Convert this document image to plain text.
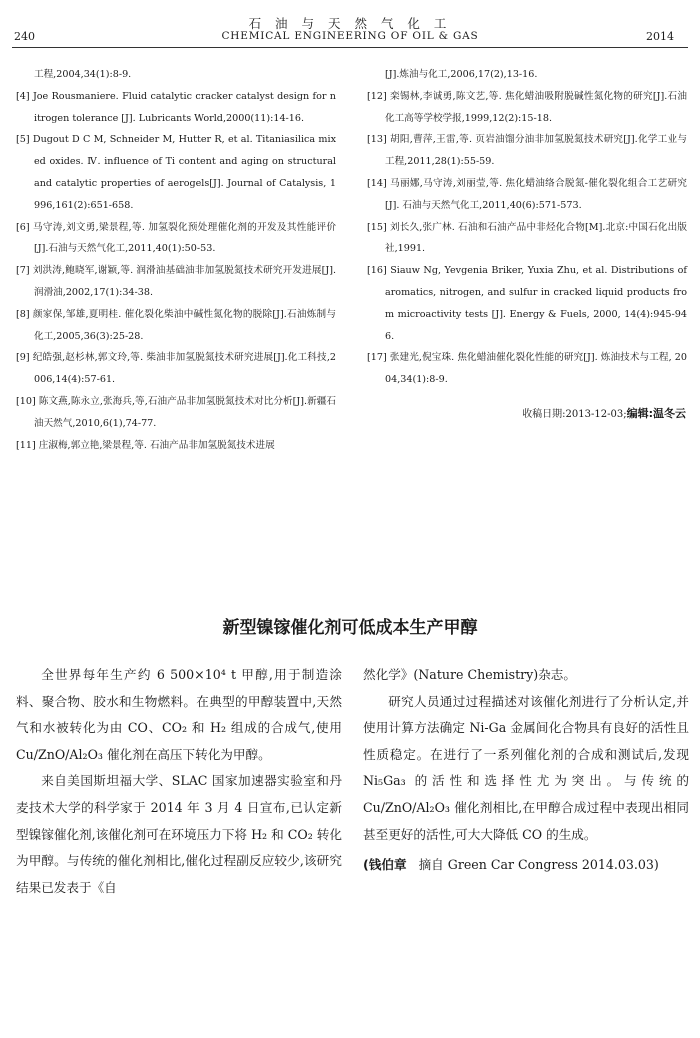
石 油 与 天 然 气 化 工
240	CHEMICAL ENGINEERING OF OIL & GAS	2014
工程,2004,34(1):8-9.
[4] Joe Rousmaniere. Fluid catalytic cracker catalyst design for nitrogen tolerance [J]. Lubricants World,2000(11):14-16.
[5] Dugout D C M, Schneider M, Hutter R, et al. Titaniasilica mixed oxides. Ⅳ. influence of Ti content and aging on structural and catalytic properties of aerogels[J]. Journal of Catalysis, 1996,161(2):651-658.
[6] 马守涛,刘文勇,梁景程,等. 加氢裂化预处理催化剂的开发及其性能评价[J].石油与天然气化工,2011,40(1):50-53.
[7] 刘洪涛,鲍晓军,谢颖,等. 润滑油基础油非加氢脱氮技术研究开发进展[J].润滑油,2002,17(1):34-38.
[8] 颜家保,邹雄,夏明桂. 催化裂化柴油中碱性氮化物的脱除[J].石油炼制与化工,2005,36(3):25-28.
[9] 纪皓强,赵杉林,郭文玲,等. 柴油非加氢脱氮技术研究进展[J].化工科技,2006,14(4):57-61.
[10] 陈文燕,陈永立,张海兵,等,石油产品非加氢脱氮技术对比分析[J].新疆石油天然气,2010,6(1),74-77.
[11] 庄淑梅,郭立艳,梁景程,等. 石油产品非加氢脱氮技术进展
[J].炼油与化工,2006,17(2),13-16.
[12] 栾锡林,李诚勇,陈文艺,等. 焦化蜡油吸附脱碱性氮化物的研究[J].石油化工高等学校学报,1999,12(2):15-18.
[13] 胡阳,曹萍,王雷,等. 页岩油馏分油非加氢脱氮技术研究[J].化学工业与工程,2011,28(1):55-59.
[14] 马丽娜,马守涛,刘丽莹,等. 焦化蜡油络合脱氮-催化裂化组合工艺研究[J]. 石油与天然气化工,2011,40(6):571-573.
[15] 刘长久,张广林. 石油和石油产品中非烃化合物[M].北京:中国石化出版社,1991.
[16] Siauw Ng, Yevgenia Briker, Yuxia Zhu, et al. Distributions of aromatics, nitrogen, and sulfur in cracked liquid products from microactivity tests [J]. Energy & Fuels, 2000, 14(4):945-946.
[17] 张建光,倪宝珠. 焦化蜡油催化裂化性能的研究[J]. 炼油技术与工程, 2004,34(1):8-9.
收稿日期:2013-12-03;编辑:温冬云
新型镍镓催化剂可低成本生产甲醇

全世界每年生产约 6 500×10⁴ t 甲醇,用于制造涂料、聚合物、胶水和生物燃料。在典型的甲醇装置中,天然气和水被转化为由 CO、CO₂ 和 H₂ 组成的合成气,使用 Cu/ZnO/Al₂O₃ 催化剂在高压下转化为甲醇。

来自美国斯坦福大学、SLAC 国家加速器实验室和丹麦技术大学的科学家于 2014 年 3 月 4 日宣布,已认定新型镍镓催化剂,该催化剂可在环境压力下将 H₂ 和 CO₂ 转化为甲醇。与传统的催化剂相比,催化过程副反应较少,该研究结果已发表于《自

然化学》(Nature Chemistry)杂志。

研究人员通过过程描述对该催化剂进行了分析认定,并使用计算方法确定 Ni-Ga 金属间化合物具有良好的活性且性质稳定。在进行了一系列催化剂的合成和测试后,发现 Ni₅Ga₃ 的活性和选择性尤为突出。与传统的 Cu/ZnO/Al₂O₃ 催化剂相比,在甲醇合成过程中表现出相同甚至更好的活性,可大大降低 CO 的生成。

(钱伯章 摘自 Green Car Congress 2014.03.03)
